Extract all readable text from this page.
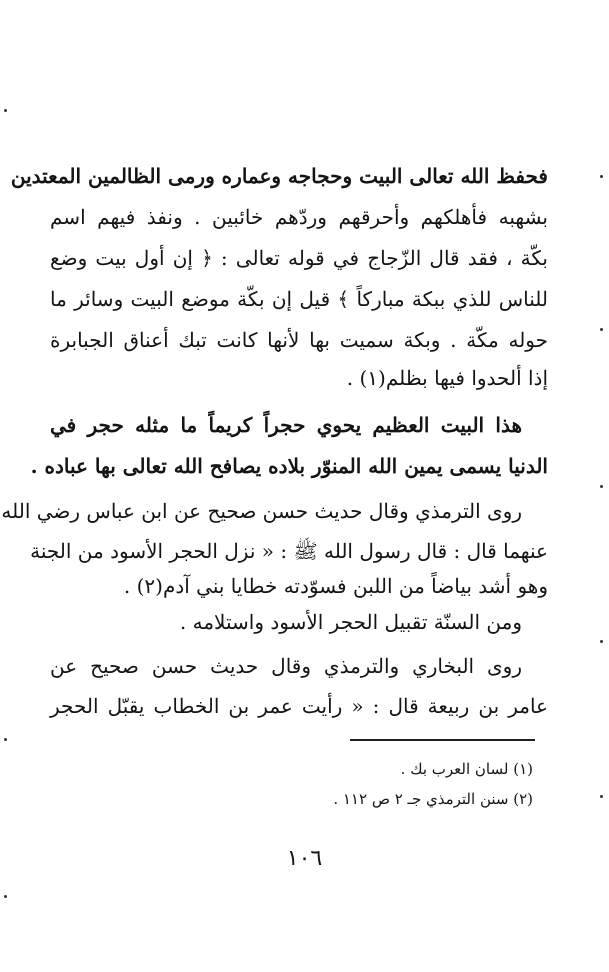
فحفظ الله تعالى البيت وحجاجه وعماره ورمى الظالمين المعتدين
بشهبه فأهلكهم وأحرقهم وردّهم خائبين . ونفذ فيهم اسم
بكّة ، فقد قال الزّجاج في قوله تعالى : ﴿ إن أول بيت وضع
للناس للذي ببكة مباركاً ﴾ قيل إن بكّة موضع البيت وسائر ما
حوله مكّة . وبكة سميت بها لأنها كانت تبك أعناق الجبابرة
إذا ألحدوا فيها بظلم(١) .
هذا البيت العظيم يحوي حجراً كريماً ما مثله حجر في
الدنيا يسمى يمين الله المنوّر بلاده يصافح الله تعالى بها عباده .
روى الترمذي وقال حديث حسن صحيح عن ابن عباس رضي الله
عنهما قال : قال رسول الله ﷺ : « نزل الحجر الأسود من الجنة
وهو أشد بياضاً من اللبن فسوّدته خطايا بني آدم(٢) .
ومن السنّة تقبيل الحجر الأسود واستلامه .
روى البخاري والترمذي وقال حديث حسن صحيح عن
عامر بن ربيعة قال : « رأيت عمر بن الخطاب يقبّل الحجر
(١) لسان العرب بك .
(٢) سنن الترمذي جـ ٢ ص ١١٢ .
١٠٦
